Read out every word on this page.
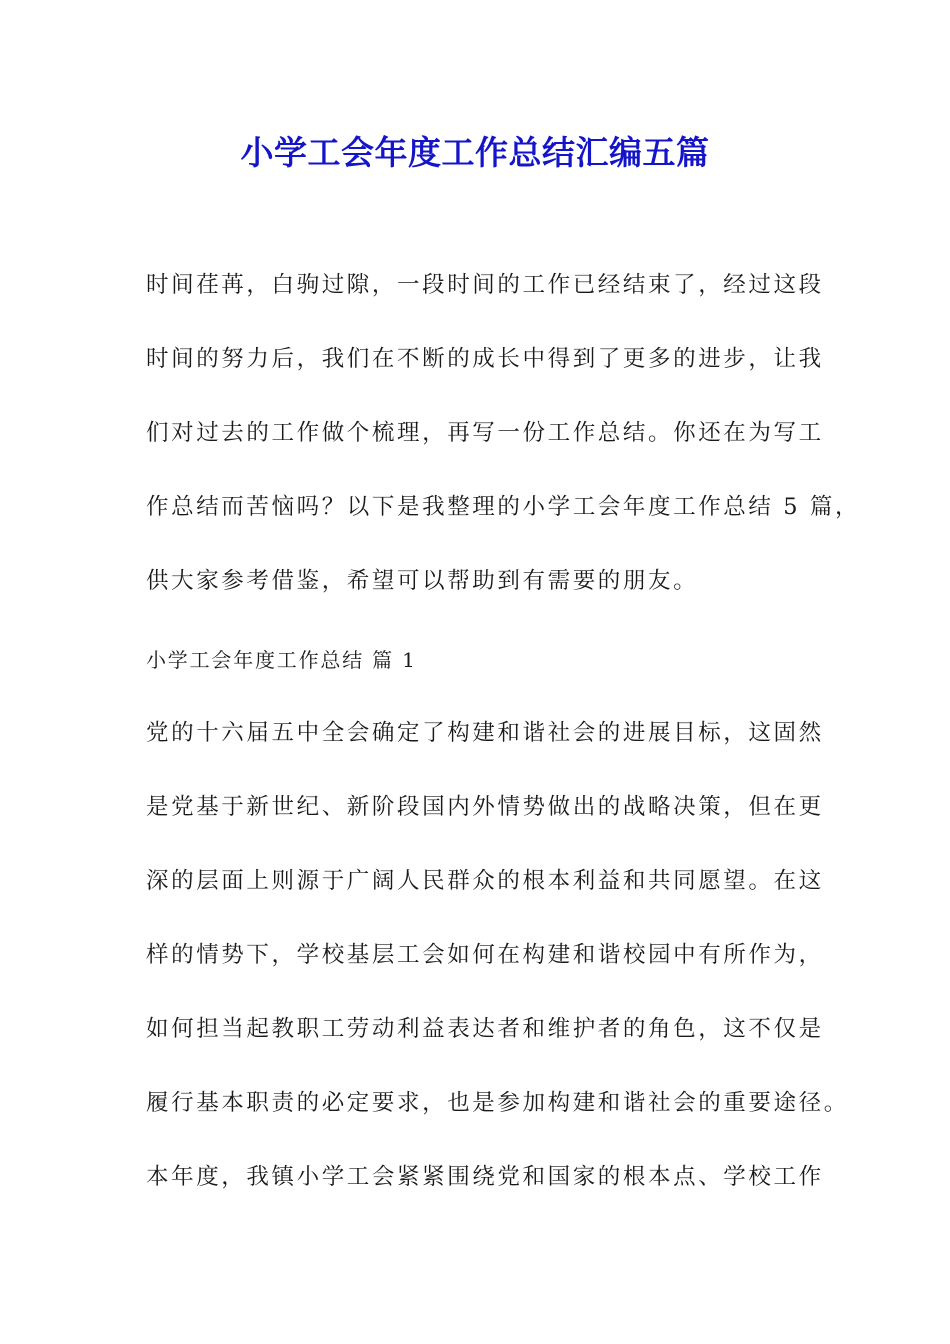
小学工会年度工作总结汇编五篇
时间荏苒，白驹过隙，一段时间的工作已经结束了，经过这段
时间的努力后，我们在不断的成长中得到了更多的进步，让我
们对过去的工作做个梳理，再写一份工作总结。你还在为写工
作总结而苦恼吗？以下是我整理的小学工会年度工作总结 5 篇，
供大家参考借鉴，希望可以帮助到有需要的朋友。
小学工会年度工作总结 篇 1
党的十六届五中全会确定了构建和谐社会的进展目标，这固然
是党基于新世纪、新阶段国内外情势做出的战略决策，但在更
深的层面上则源于广阔人民群众的根本利益和共同愿望。在这
样的情势下，学校基层工会如何在构建和谐校园中有所作为，
如何担当起教职工劳动利益表达者和维护者的角色，这不仅是
履行基本职责的必定要求，也是参加构建和谐社会的重要途径。
本年度，我镇小学工会紧紧围绕党和国家的根本点、学校工作
